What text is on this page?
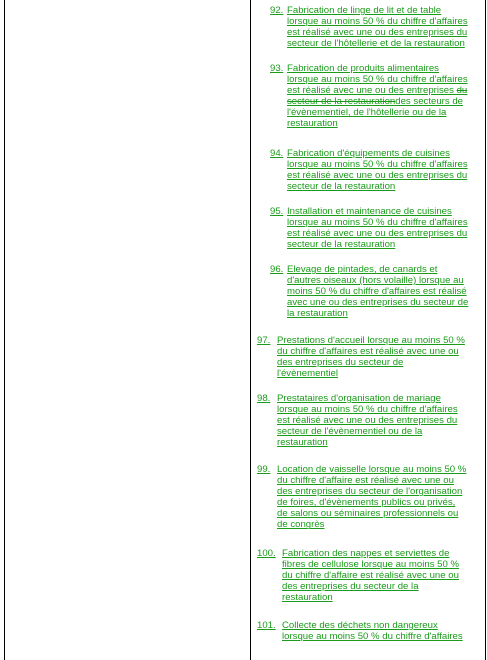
92. Fabrication de linge de lit et de table
lorsque au moins 50 % du chiffre d'affaires
est réalisé avec une ou des entreprises du
secteur de l'hôtellerie et de la restauration
93. Fabrication de produits alimentaires
lorsque au moins 50 % du chiffre d'affaires
est réalisé avec une ou des entreprises du
secteur de la restaurationdes secteurs de
l'évènementiel, de l'hôtellerie ou de la
restauration
94. Fabrication d'équipements de cuisines
lorsque au moins 50 % du chiffre d'affaires
est réalisé avec une ou des entreprises du
secteur de la restauration
95. Installation et maintenance de cuisines
lorsque au moins 50 % du chiffre d'affaires
est réalisé avec une ou des entreprises du
secteur de la restauration
96. Elevage de pintades, de canards et
d'autres oiseaux (hors volaille) lorsque au
moins 50 % du chiffre d'affaires est réalisé
avec une ou des entreprises du secteur de
la restauration
97. Prestations d'accueil lorsque au moins 50 %
du chiffre d'affaires est réalisé avec une ou
des entreprises du secteur de
l'évènementiel
98. Prestataires d'organisation de mariage
lorsque au moins 50 % du chiffre d'affaires
est réalisé avec une ou des entreprises du
secteur de l'évènementiel ou de la
restauration
99. Location de vaisselle lorsque au moins 50 %
du chiffre d'affaire est réalisé avec une ou
des entreprises du secteur de l'organisation
de foires, d'évènements publics ou privés,
de salons ou séminaires professionnels ou
de congrès
100. Fabrication des nappes et serviettes de
fibres de cellulose lorsque au moins 50 %
du chiffre d'affaire est réalisé avec une ou
des entreprises du secteur de la
restauration
101. Collecte des déchets non dangereux
lorsque au moins 50 % du chiffre d'affaires
